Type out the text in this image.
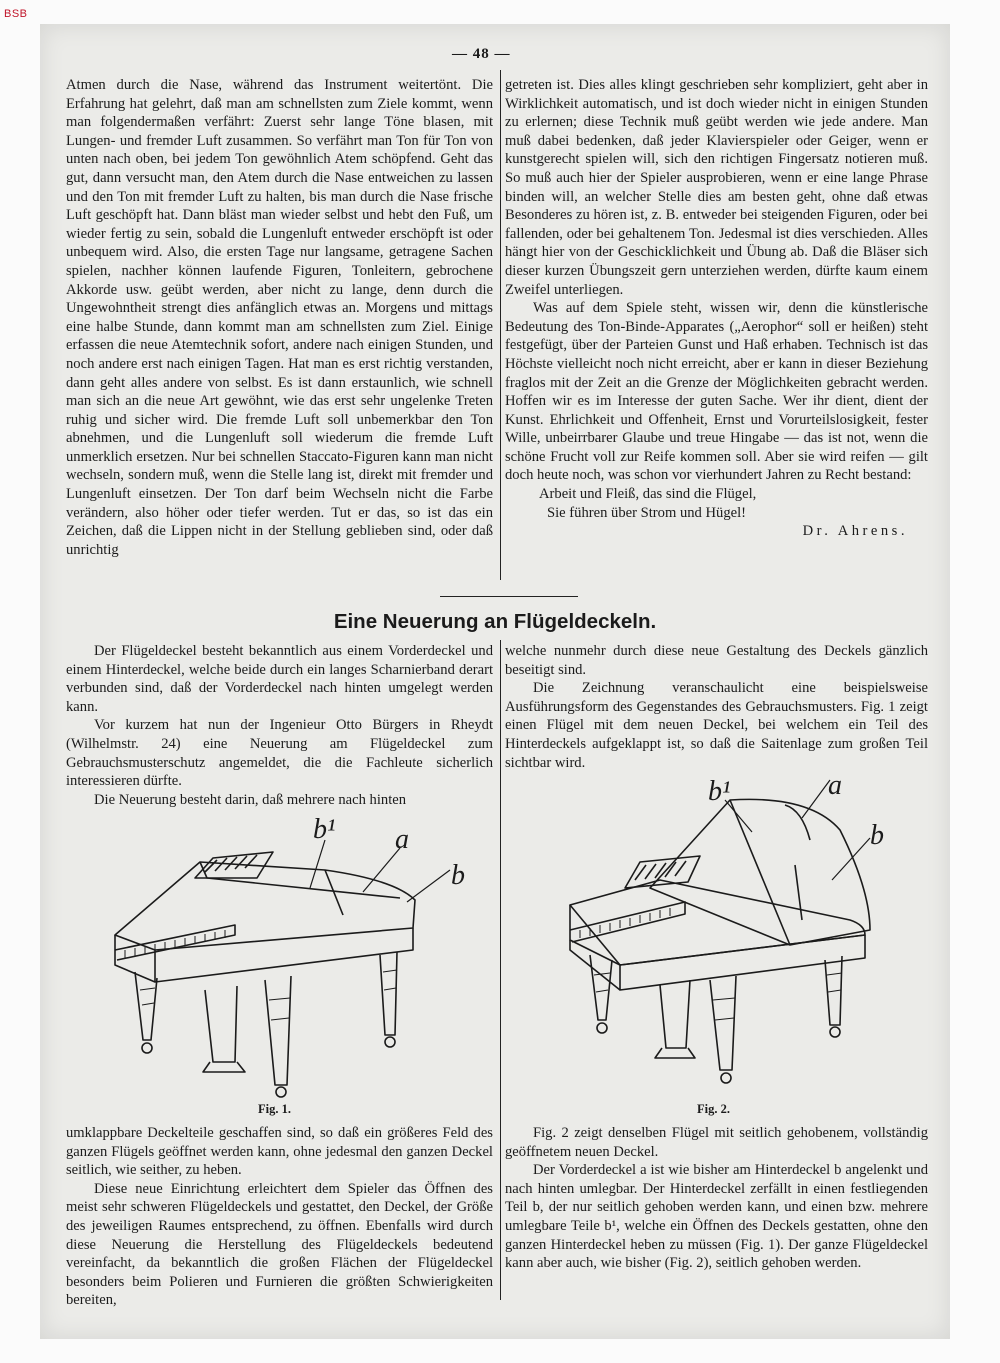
BSB
— 48 —

Atmen durch die Nase, während das Instrument weitertönt. Die Erfahrung hat gelehrt, daß man am schnellsten zum Ziele kommt, wenn man folgendermaßen verfährt: Zuerst sehr lange Töne blasen, mit Lungen- und fremder Luft zusammen. So verfährt man Ton für Ton von unten nach oben, bei jedem Ton gewöhnlich Atem schöpfend. Geht das gut, dann versucht man, den Atem durch die Nase entweichen zu lassen und den Ton mit fremder Luft zu halten, bis man durch die Nase frische Luft geschöpft hat. Dann bläst man wieder selbst und hebt den Fuß, um wieder fertig zu sein, sobald die Lungenluft entweder erschöpft ist oder unbequem wird. Also, die ersten Tage nur langsame, getragene Sachen spielen, nachher können laufende Figuren, Tonleitern, gebrochene Akkorde usw. geübt werden, aber nicht zu lange, denn durch die Ungewohntheit strengt dies anfänglich etwas an. Morgens und mittags eine halbe Stunde, dann kommt man am schnellsten zum Ziel. Einige erfassen die neue Atemtechnik sofort, andere nach einigen Stunden, und noch andere erst nach einigen Tagen. Hat man es erst richtig verstanden, dann geht alles andere von selbst. Es ist dann erstaunlich, wie schnell man sich an die neue Art gewöhnt, wie das erst sehr ungelenke Treten ruhig und sicher wird. Die fremde Luft soll unbemerkbar den Ton abnehmen, und die Lungenluft soll wiederum die fremde Luft unmerklich ersetzen. Nur bei schnellen Staccato-Figuren kann man nicht wechseln, sondern muß, wenn die Stelle lang ist, direkt mit fremder und Lungenluft einsetzen. Der Ton darf beim Wechseln nicht die Farbe verändern, also höher oder tiefer werden. Tut er das, so ist das ein Zeichen, daß die Lippen nicht in der Stellung geblieben sind, oder daß unrichtig

getreten ist. Dies alles klingt geschrieben sehr kompliziert, geht aber in Wirklichkeit automatisch, und ist doch wieder nicht in einigen Stunden zu erlernen; diese Technik muß geübt werden wie jede andere. Man muß dabei bedenken, daß jeder Klavierspieler oder Geiger, wenn er kunstgerecht spielen will, sich den richtigen Fingersatz notieren muß. So muß auch hier der Spieler ausprobieren, wenn er eine lange Phrase binden will, an welcher Stelle dies am besten geht, ohne daß etwas Besonderes zu hören ist, z. B. entweder bei steigenden Figuren, oder bei fallenden, oder bei gehaltenem Ton. Jedesmal ist dies verschieden. Alles hängt hier von der Geschicklichkeit und Übung ab. Daß die Bläser sich dieser kurzen Übungszeit gern unterziehen werden, dürfte kaum einem Zweifel unterliegen.

Was auf dem Spiele steht, wissen wir, denn die künstlerische Bedeutung des Ton-Binde-Apparates („Aerophor“ soll er heißen) steht festgefügt, über der Parteien Gunst und Haß erhaben. Technisch ist das Höchste vielleicht noch nicht erreicht, aber er kann in dieser Beziehung fraglos mit der Zeit an die Grenze der Möglichkeiten gebracht werden. Hoffen wir es im Interesse der guten Sache. Wer ihr dient, dient der Kunst. Ehrlichkeit und Offenheit, Ernst und Vorurteilslosigkeit, fester Wille, unbeirrbarer Glaube und treue Hingabe — das ist not, wenn die schöne Frucht voll zur Reife kommen soll. Aber sie wird reifen — gilt doch heute noch, was schon vor vierhundert Jahren zu Recht bestand:

Arbeit und Fleiß, das sind die Flügel,

Sie führen über Strom und Hügel!

Dr. Ahrens.

Eine Neuerung an Flügeldeckeln.

Der Flügeldeckel besteht bekanntlich aus einem Vorderdeckel und einem Hinterdeckel, welche beide durch ein langes Scharnierband derart verbunden sind, daß der Vorderdeckel nach hinten umgelegt werden kann.

Vor kurzem hat nun der Ingenieur Otto Bürgers in Rheydt (Wilhelmstr. 24) eine Neuerung am Flügeldeckel zum Gebrauchsmusterschutz angemeldet, die die Fachleute sicherlich interessieren dürfte.

Die Neuerung besteht darin, daß mehrere nach hinten

welche nunmehr durch diese neue Gestaltung des Deckels gänzlich beseitigt sind.

Die Zeichnung veranschaulicht eine beispielsweise Ausführungsform des Gegenstandes des Gebrauchsmusters. Fig. 1 zeigt einen Flügel mit dem neuen Deckel, bei welchem ein Teil des Hinterdeckels aufgeklappt ist, so daß die Saitenlage zum großen Teil sichtbar wird.

b¹ a
b
Fig. 1.
b¹	a
b
Fig. 2.

umklappbare Deckelteile geschaffen sind, so daß ein größeres Feld des ganzen Flügels geöffnet werden kann, ohne jedesmal den ganzen Deckel seitlich, wie seither, zu heben.

Diese neue Einrichtung erleichtert dem Spieler das Öffnen des meist sehr schweren Flügeldeckels und gestattet, den Deckel, der Größe des jeweiligen Raumes entsprechend, zu öffnen. Ebenfalls wird durch diese Neuerung die Herstellung des Flügeldeckels bedeutend vereinfacht, da bekanntlich die großen Flächen der Flügeldeckel besonders beim Polieren und Furnieren die größten Schwierigkeiten bereiten,

Fig. 2 zeigt denselben Flügel mit seitlich gehobenem, vollständig geöffnetem neuen Deckel.

Der Vorderdeckel a ist wie bisher am Hinterdeckel b angelenkt und nach hinten umlegbar. Der Hinterdeckel zerfällt in einen festliegenden Teil b, der nur seitlich gehoben werden kann, und einen bzw. mehrere umlegbare Teile b¹, welche ein Öffnen des Deckels gestatten, ohne den ganzen Hinterdeckel heben zu müssen (Fig. 1). Der ganze Flügeldeckel kann aber auch, wie bisher (Fig. 2), seitlich gehoben werden.
